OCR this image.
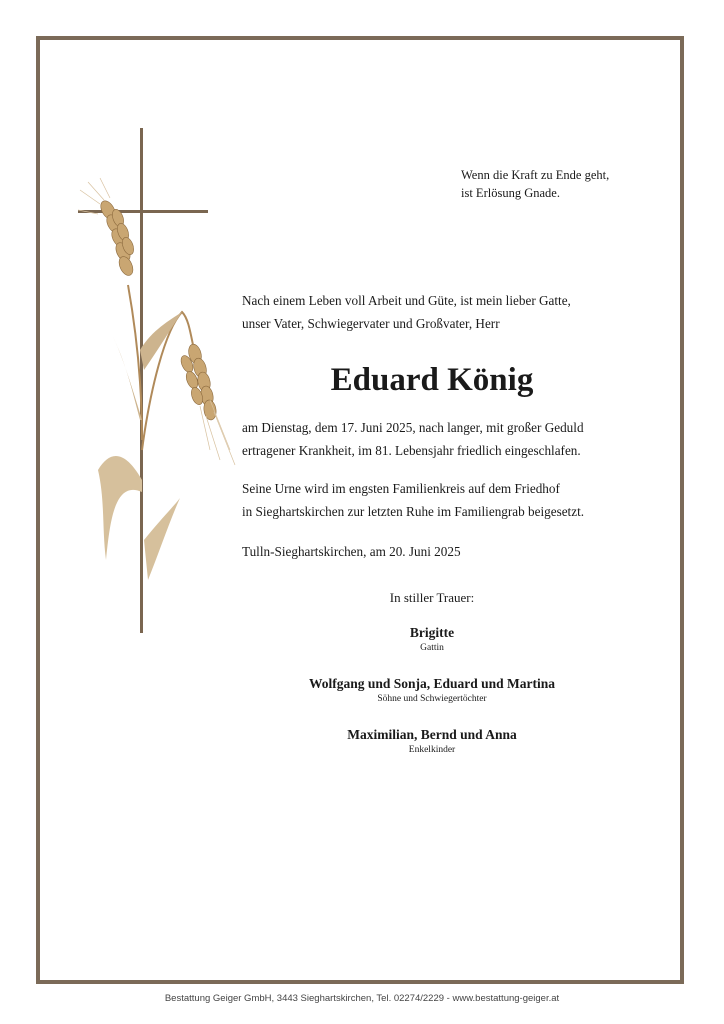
Wenn die Kraft zu Ende geht,
ist Erlösung Gnade.
Nach einem Leben voll Arbeit und Güte, ist mein lieber Gatte,
unser Vater, Schwiegervater und Großvater, Herr
Eduard König
am Dienstag, dem 17. Juni 2025, nach langer, mit großer Geduld
ertragener Krankheit, im 81. Lebensjahr friedlich eingeschlafen.
Seine Urne wird im engsten Familienkreis auf dem Friedhof
in Sieghartskirchen zur letzten Ruhe im Familiengrab beigesetzt.
Tulln-Sieghartskirchen, am 20. Juni 2025
In stiller Trauer:
Brigitte
Gattin
Wolfgang und Sonja, Eduard und Martina
Söhne und Schwiegertöchter
Maximilian, Bernd und Anna
Enkelkinder
Bestattung Geiger GmbH, 3443 Sieghartskirchen, Tel. 02274/2229 - www.bestattung-geiger.at
